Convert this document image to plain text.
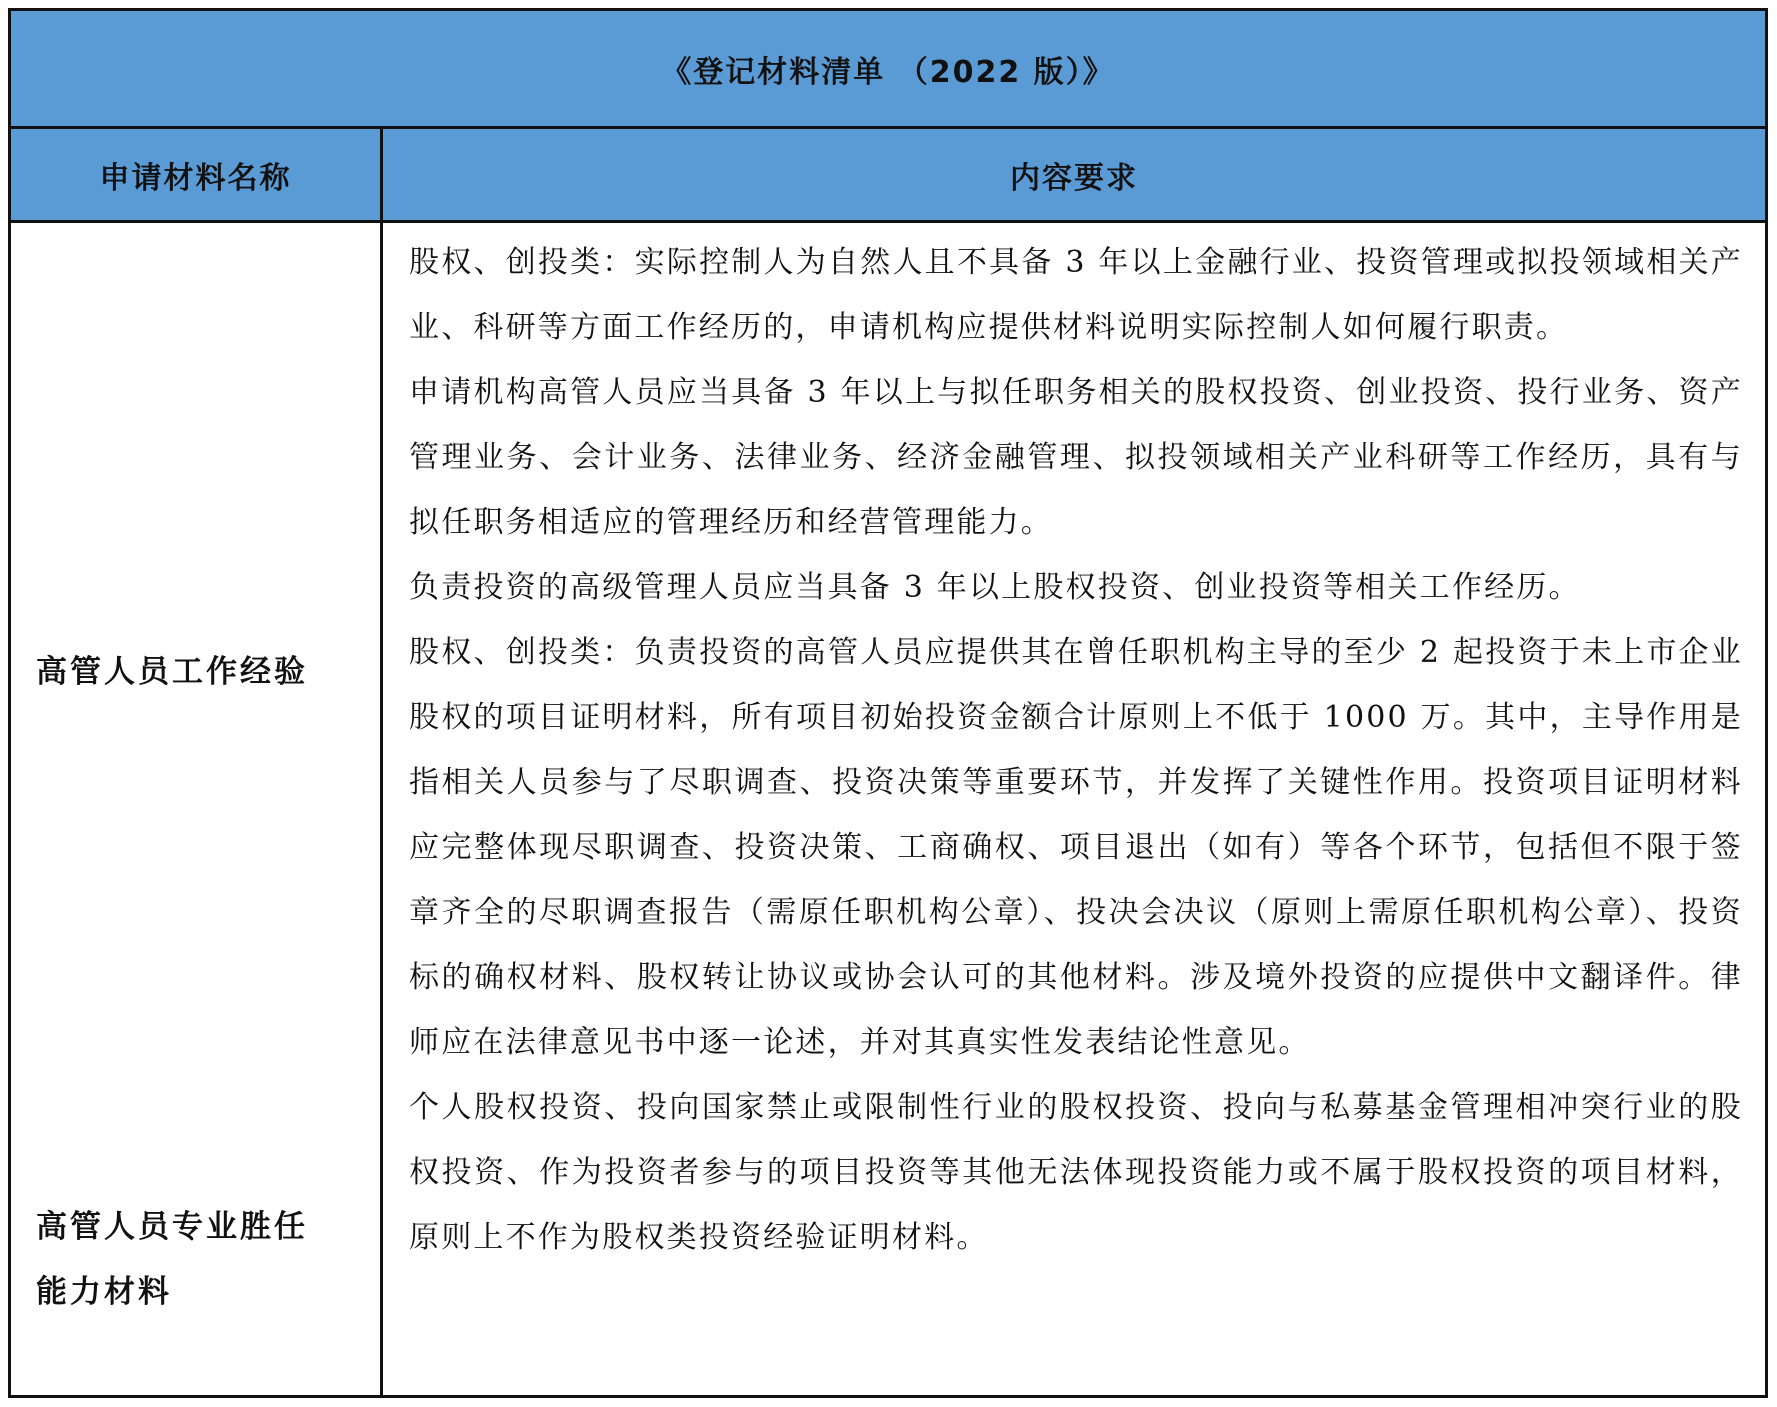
《登记材料清单 （2022 版）》
申请材料名称	内容要求
高管人员工作经验
高管人员专业胜任
能力材料

股权、创投类：实际控制人为自然人且不具备 3 年以上金融行业、投资管理或拟投领域相关产业、科研等方面工作经历的，申请机构应提供材料说明实际控制人如何履行职责。

申请机构高管人员应当具备 3 年以上与拟任职务相关的股权投资、创业投资、投行业务、资产管理业务、会计业务、法律业务、经济金融管理、拟投领域相关产业科研等工作经历，具有与拟任职务相适应的管理经历和经营管理能力。

负责投资的高级管理人员应当具备 3 年以上股权投资、创业投资等相关工作经历。

股权、创投类：负责投资的高管人员应提供其在曾任职机构主导的至少 2 起投资于未上市企业股权的项目证明材料，所有项目初始投资金额合计原则上不低于 1000 万。其中，主导作用是指相关人员参与了尽职调查、投资决策等重要环节，并发挥了关键性作用。投资项目证明材料应完整体现尽职调查、投资决策、工商确权、项目退出（如有）等各个环节，包括但不限于签章齐全的尽职调查报告（需原任职机构公章）、投决会决议（原则上需原任职机构公章）、投资标的确权材料、股权转让协议或协会认可的其他材料。涉及境外投资的应提供中文翻译件。律师应在法律意见书中逐一论述，并对其真实性发表结论性意见。

个人股权投资、投向国家禁止或限制性行业的股权投资、投向与私募基金管理相冲突行业的股权投资、作为投资者参与的项目投资等其他无法体现投资能力或不属于股权投资的项目材料，原则上不作为股权类投资经验证明材料。
